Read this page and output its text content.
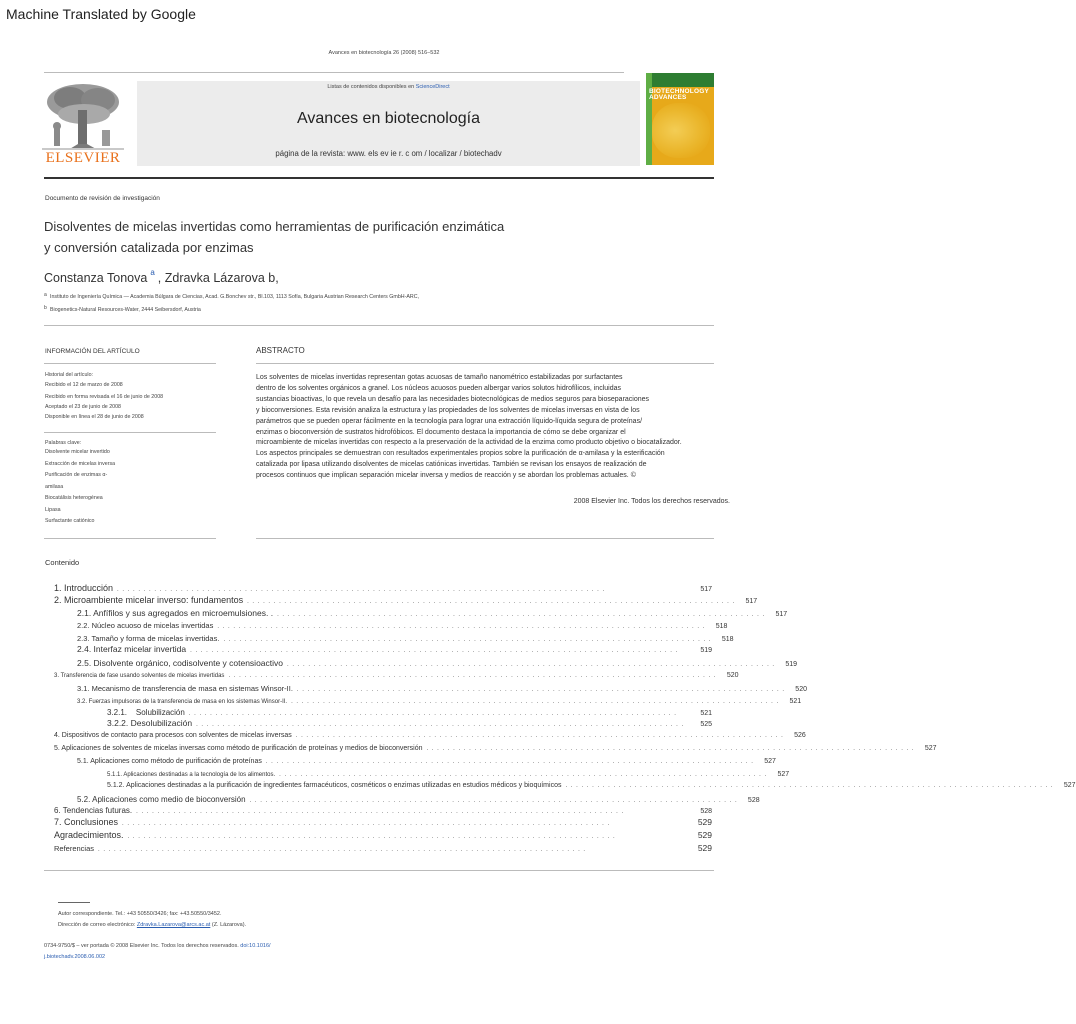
Machine Translated by Google
Avances en biotecnología 26 (2008) 516–532
ELSEVIER
Listas de contenidos disponibles en ScienceDirect
Avances en biotecnología
página de la revista: www. els ev ie r. c om / localizar / biotechadv
BIOTECHNOLOGY ADVANCES
Documento de revisión de investigación
Disolventes de micelas invertidas como herramientas de purificación enzimática
y conversión catalizada por enzimas
Constanza Tonova $^a$ , Zdravka Lázarova b,
a Instituto de Ingeniería Química — Academia Búlgara de Ciencias, Acad. G.Bonchev str., Bl.103, 1113 Sofía, Bulgaria Austrian Research Centers GmbH-ARC,
b Biogenetics-Natural Resources-Water, 2444 Seibersdorf, Austria
INFORMACIÓN DEL ARTÍCULO
Historial del artículo:
Recibido el 12 de marzo de 2008
Recibido en forma revisada el 16 de junio de 2008
Aceptado el 23 de junio de 2008
Disponible en línea el 28 de junio de 2008
Palabras clave:
Disolvente micelar invertido
Extracción de micelas inversa
Purificación de enzimas α-
amilasa
Biocatálisis heterogénea
Lipasa
Surfactante catiónico
ABSTRACTO

Los solventes de micelas invertidas representan gotas acuosas de tamaño nanométrico estabilizadas por surfactantes

dentro de los solventes orgánicos a granel. Los núcleos acuosos pueden albergar varios solutos hidrofílicos, incluidas

sustancias bioactivas, lo que revela un desafío para las necesidades biotecnológicas de medios seguros para bioseparaciones

y bioconversiones. Esta revisión analiza la estructura y las propiedades de los solventes de micelas inversas en vista de los

parámetros que se pueden operar fácilmente en la tecnología para lograr una extracción líquido-líquida segura de proteínas/

enzimas o bioconversión de sustratos hidrofóbicos. El documento destaca la importancia de cómo se debe organizar el

microambiente de micelas invertidas con respecto a la preservación de la actividad de la enzima como producto objetivo o biocatalizador.

Los aspectos principales se demuestran con resultados experimentales propios sobre la purificación de α-amilasa y la esterificación

catalizada por lipasa utilizando disolventes de micelas catiónicas invertidas. También se revisan los ensayos de realización de

procesos continuos que implican separación micelar inversa y medios de reacción y se abordan los problemas actuales. ©

2008 Elsevier Inc. Todos los derechos reservados.
Contenido
1. Introducción . . . . . . . . . . . . . . . . . . . . . . . . . . . . . . . . . . . . . . . . . . . . . . . . . . . . . . . . . . . . . . . . . . . . . . . . . . . . . . . . . . . . . . . . . . . .	517
2. Microambiente micelar inverso: fundamentos . . . . . . . . . . . . . . . . . . . . . . . . . . . . . . . . . . . . . . . . . . . . . . . . . . . . . . . . . . . . . . . . . . . . . . . . . . . . . . . . . . . . . . . . . . . .	517
2.1. Anfífilos y sus agregados en microemulsiones. . . . . . . . . . . . . . . . . . . . . . . . . . . . . . . . . . . . . . . . . . . . . . . . . . . . . . . . . . . . . . . . . . . . . . . . . . . . . . . . . . . . . . . . . . . . . .	517
2.2. Núcleo acuoso de micelas invertidas . . . . . . . . . . . . . . . . . . . . . . . . . . . . . . . . . . . . . . . . . . . . . . . . . . . . . . . . . . . . . . . . . . . . . . . . . . . . . . . . . . . . . . . . . . . .	518
2.3. Tamaño y forma de micelas invertidas. . . . . . . . . . . . . . . . . . . . . . . . . . . . . . . . . . . . . . . . . . . . . . . . . . . . . . . . . . . . . . . . . . . . . . . . . . . . . . . . . . . . . . . . . . . . .	518
2.4. Interfaz micelar invertida . . . . . . . . . . . . . . . . . . . . . . . . . . . . . . . . . . . . . . . . . . . . . . . . . . . . . . . . . . . . . . . . . . . . . . . . . . . . . . . . . . . . . . . . . . . .	519
2.5. Disolvente orgánico, codisolvente y cotensioactivo . . . . . . . . . . . . . . . . . . . . . . . . . . . . . . . . . . . . . . . . . . . . . . . . . . . . . . . . . . . . . . . . . . . . . . . . . . . . . . . . . . . . . . . . . . . .	519
3. Transferencia de fase usando solventes de micelas invertidas . . . . . . . . . . . . . . . . . . . . . . . . . . . . . . . . . . . . . . . . . . . . . . . . . . . . . . . . . . . . . . . . . . . . . . . . . . . . . . . . . . . . . . . . . . . .	520
3.1. Mecanismo de transferencia de masa en sistemas Winsor-II. . . . . . . . . . . . . . . . . . . . . . . . . . . . . . . . . . . . . . . . . . . . . . . . . . . . . . . . . . . . . . . . . . . . . . . . . . . . . . . . . . . . . . . . . . . . .	520
3.2. Fuerzas impulsoras de la transferencia de masa en los sistemas Winsor-II. . . . . . . . . . . . . . . . . . . . . . . . . . . . . . . . . . . . . . . . . . . . . . . . . . . . . . . . . . . . . . . . . . . . . . . . . . . . . . . . . . . . . . . . . . . . .	521
3.2.1.    Solubilización . . . . . . . . . . . . . . . . . . . . . . . . . . . . . . . . . . . . . . . . . . . . . . . . . . . . . . . . . . . . . . . . . . . . . . . . . . . . . . . . . . . . . . . . . . . .	521
3.2.2. Desolubilización . . . . . . . . . . . . . . . . . . . . . . . . . . . . . . . . . . . . . . . . . . . . . . . . . . . . . . . . . . . . . . . . . . . . . . . . . . . . . . . . . . . . . . . . . . . .	525
4. Dispositivos de contacto para procesos con solventes de micelas inversas . . . . . . . . . . . . . . . . . . . . . . . . . . . . . . . . . . . . . . . . . . . . . . . . . . . . . . . . . . . . . . . . . . . . . . . . . . . . . . . . . . . . . . . . . . . .	526
5. Aplicaciones de solventes de micelas inversas como método de purificación de proteínas y medios de bioconversión . . . . . . . . . . . . . . . . . . . . . . . . . . . . . . . . . . . . . . . . . . . . . . . . . . . . . . . . . . . . . . . . . . . . . . . . . . . . . . . . . . . . . . . . . . . .	527
5.1. Aplicaciones como método de purificación de proteínas . . . . . . . . . . . . . . . . . . . . . . . . . . . . . . . . . . . . . . . . . . . . . . . . . . . . . . . . . . . . . . . . . . . . . . . . . . . . . . . . . . . . . . . . . . . .	527
5.1.1. Aplicaciones destinadas a la tecnología de los alimentos. . . . . . . . . . . . . . . . . . . . . . . . . . . . . . . . . . . . . . . . . . . . . . . . . . . . . . . . . . . . . . . . . . . . . . . . . . . . . . . . . . . . . . . . . . . . .	527
5.1.2. Aplicaciones destinadas a la purificación de ingredientes farmacéuticos, cosméticos o enzimas utilizadas en estudios médicos y bioquímicos . . . . . . . . . . . . . . . . . . . . . . . . . . . . . . . . . . . . . . . . . . . . . . . . . . . . . . . . . . . . . . . . . . . . . . . . . . . . . . . . . . . . . . . . . . . .	527
5.2. Aplicaciones como medio de bioconversión . . . . . . . . . . . . . . . . . . . . . . . . . . . . . . . . . . . . . . . . . . . . . . . . . . . . . . . . . . . . . . . . . . . . . . . . . . . . . . . . . . . . . . . . . . . .	528
6. Tendencias futuras. . . . . . . . . . . . . . . . . . . . . . . . . . . . . . . . . . . . . . . . . . . . . . . . . . . . . . . . . . . . . . . . . . . . . . . . . . . . . . . . . . . . . . . . . . . . .	528
7. Conclusiones . . . . . . . . . . . . . . . . . . . . . . . . . . . . . . . . . . . . . . . . . . . . . . . . . . . . . . . . . . . . . . . . . . . . . . . . . . . . . . . . . . . . . . . . . . . .	529
Agradecimientos. . . . . . . . . . . . . . . . . . . . . . . . . . . . . . . . . . . . . . . . . . . . . . . . . . . . . . . . . . . . . . . . . . . . . . . . . . . . . . . . . . . . . . . . . . . . .	529
Referencias . . . . . . . . . . . . . . . . . . . . . . . . . . . . . . . . . . . . . . . . . . . . . . . . . . . . . . . . . . . . . . . . . . . . . . . . . . . . . . . . . . . . . . . . . . . .	529
Autor correspondiente. Tel.: +43 50550/3426; fax: +43.50550/3452.
Dirección de correo electrónico: Zdravka.Lazarova@arcs.ac.at (Z. Lázarova).
0734-9750/$ – ver portada © 2008 Elsevier Inc. Todos los derechos reservados. doi:10.1016/
j.biotechadv.2008.06.002
